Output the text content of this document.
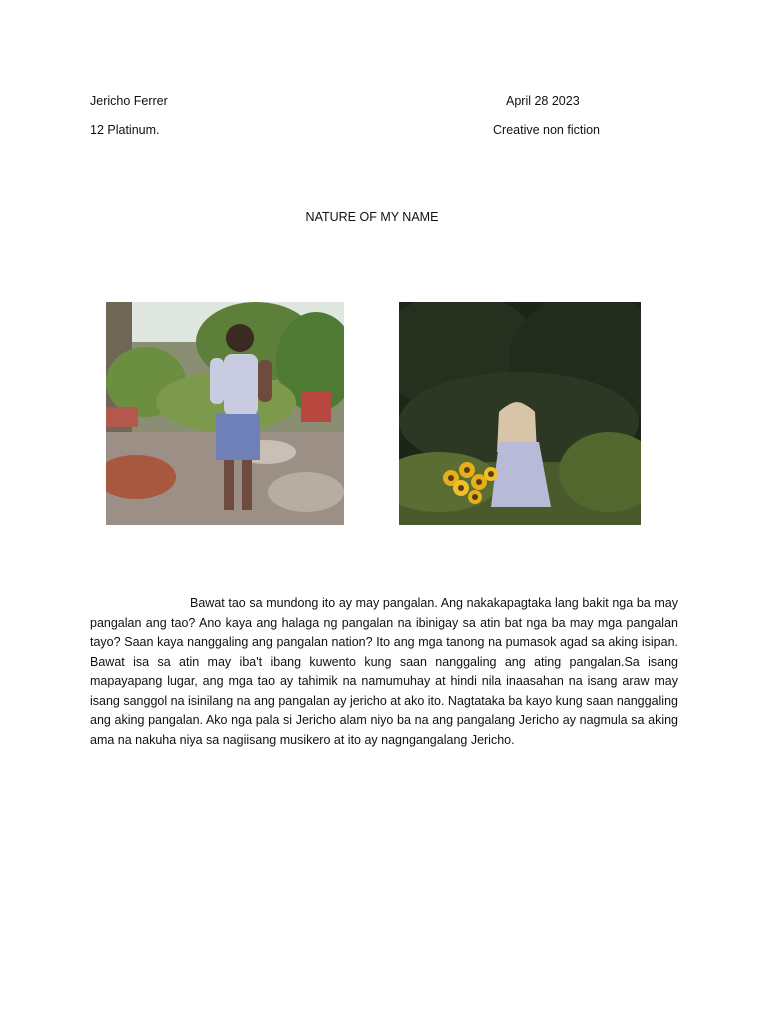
Jericho Ferrer	April 28 2023
12 Platinum.	Creative non fiction
NATURE OF MY NAME

Bawat tao sa mundong ito ay may pangalan. Ang nakakapagtaka lang bakit nga ba may pangalan ang tao? Ano kaya ang halaga ng pangalan na ibinigay sa atin bat nga ba may mga pangalan tayo? Saan kaya nanggaling ang pangalan nation? Ito ang mga tanong na pumasok agad sa aking isipan. Bawat isa sa atin may iba't ibang kuwento kung saan nanggaling ang ating pangalan.Sa isang mapayapang lugar, ang mga tao ay tahimik na namumuhay at hindi nila inaasahan na isang araw may isang sanggol na isinilang na ang pangalan ay jericho at ako ito. Nagtataka ba kayo kung saan nanggaling ang aking pangalan. Ako nga pala si Jericho alam niyo ba na ang pangalang Jericho ay nagmula sa aking ama na nakuha niya sa nagiisang musikero at ito ay nagngangalang Jericho.
